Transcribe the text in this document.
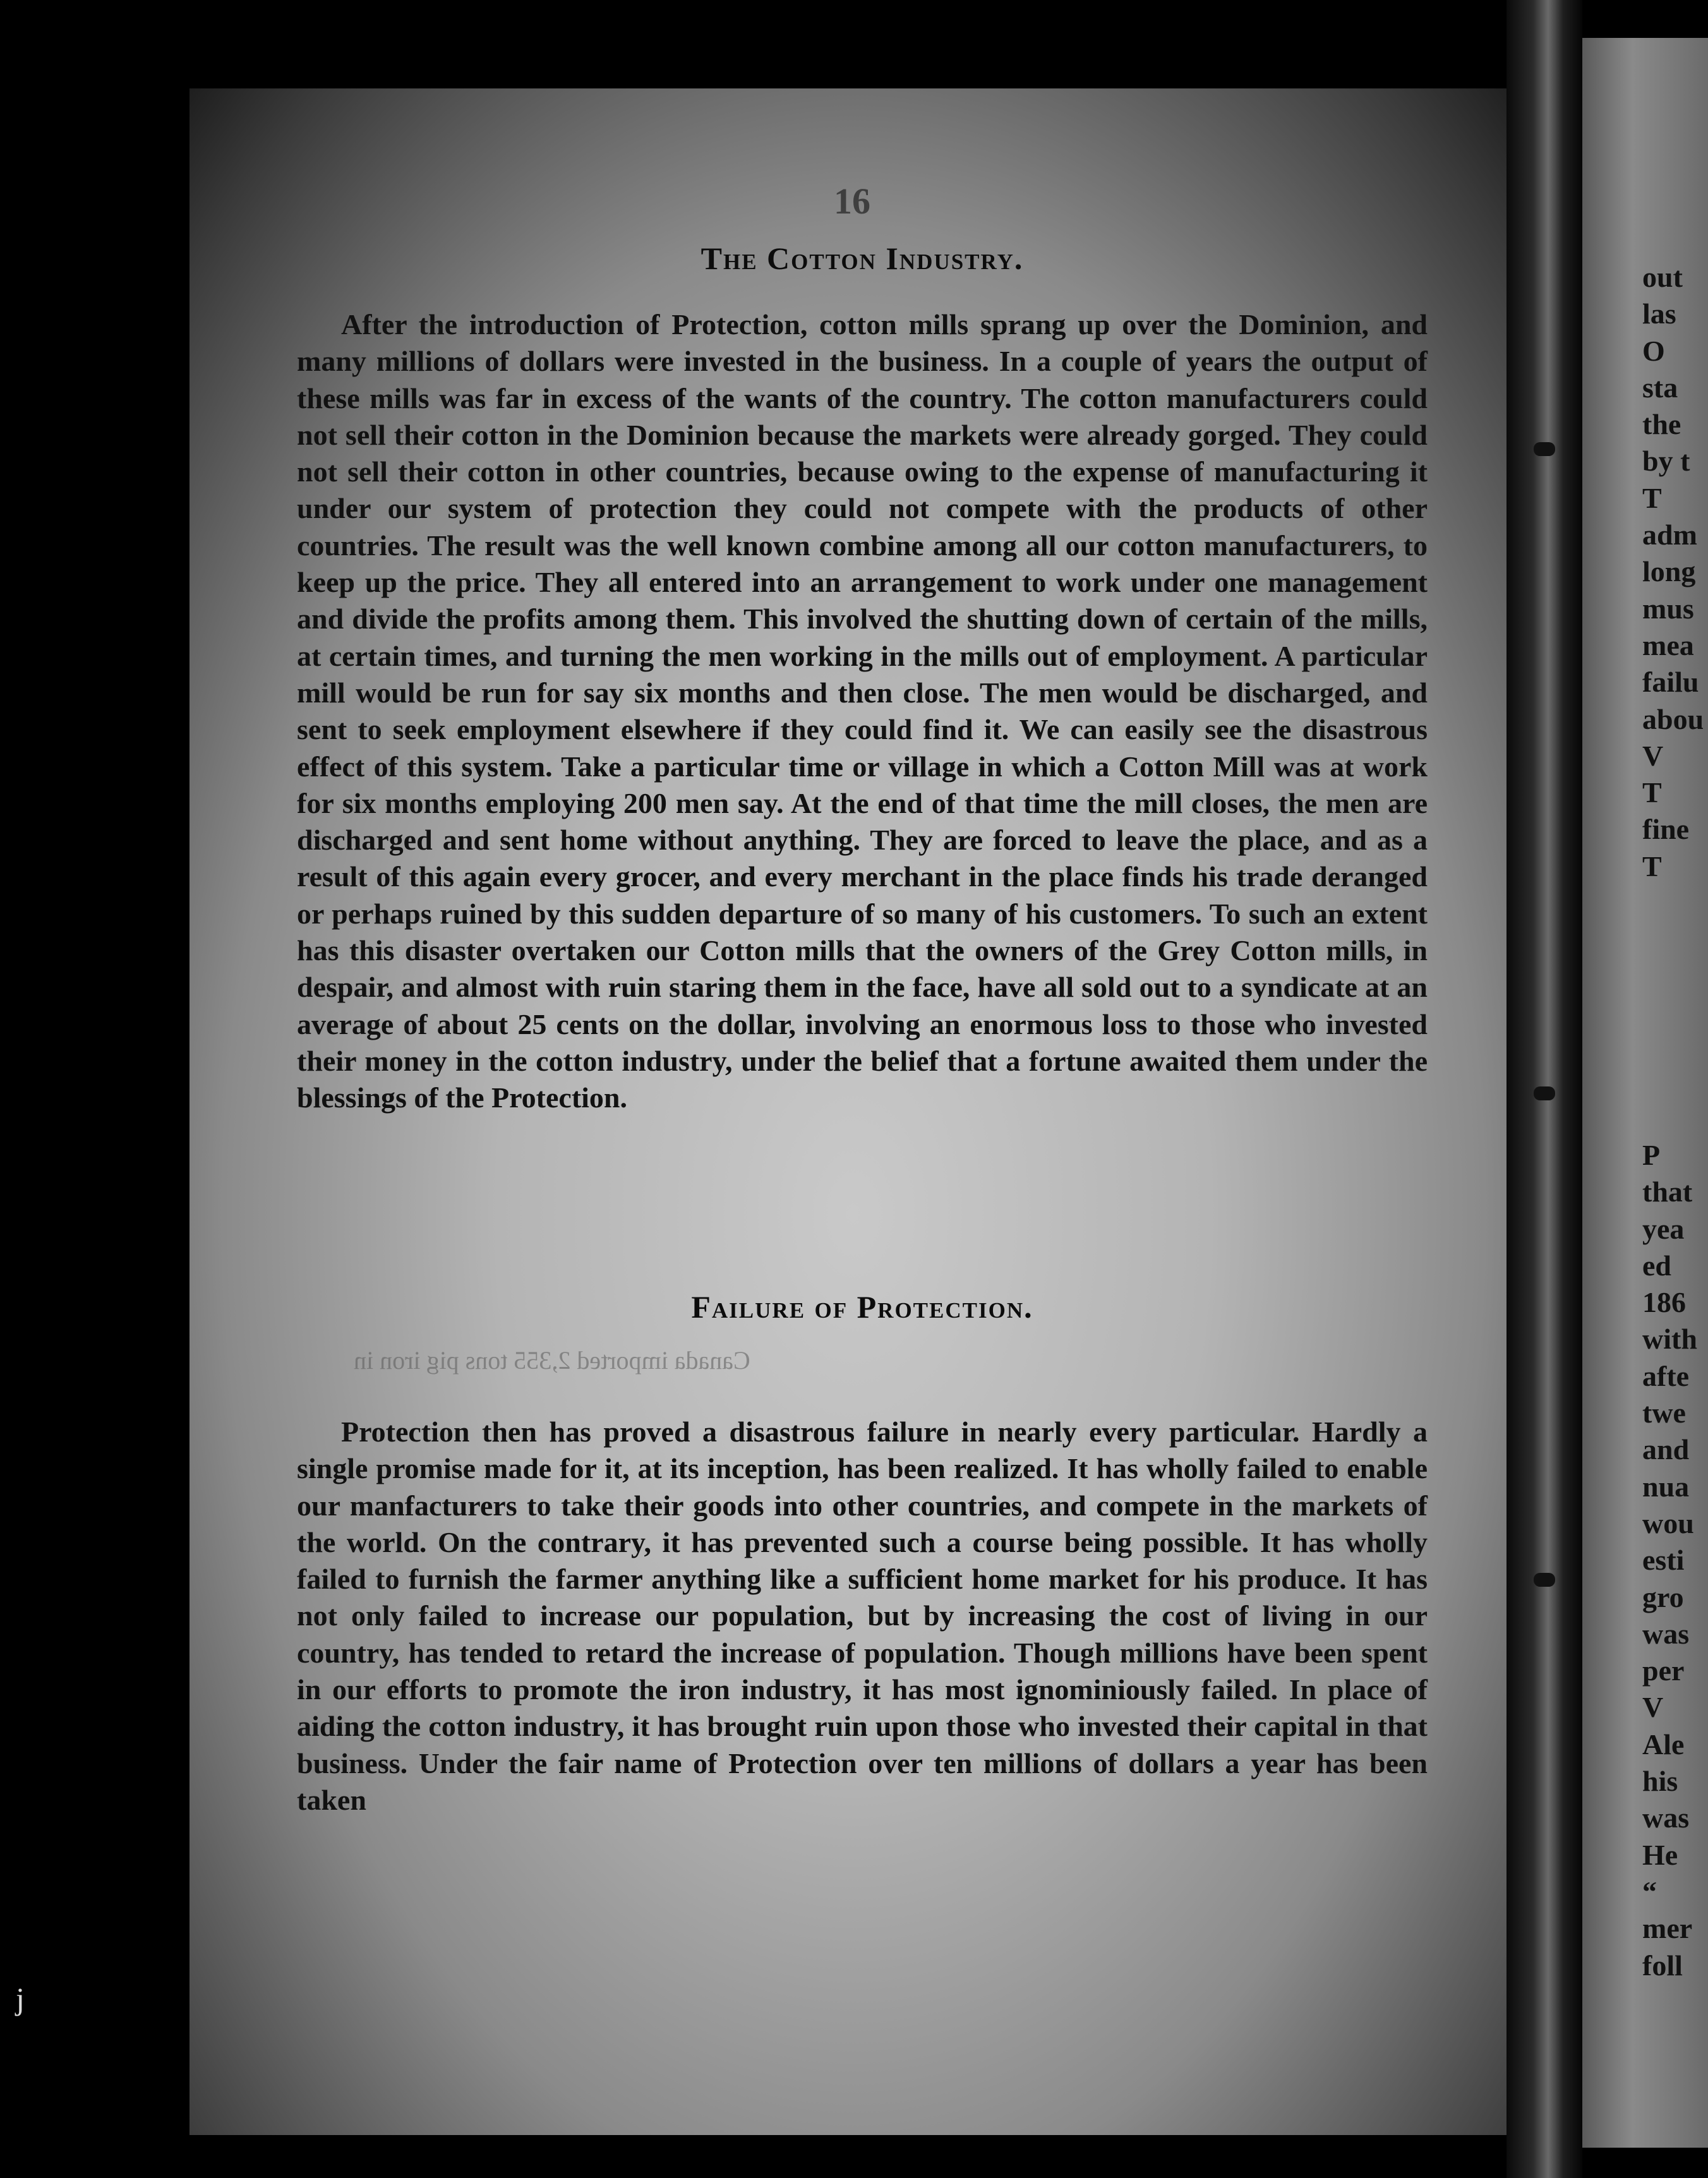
16
The Cotton Industry.

After the introduction of Protection, cotton mills sprang up over the Dominion, and many millions of dollars were invested in the business. In a couple of years the output of these mills was far in excess of the wants of the country. The cotton manufacturers could not sell their cotton in the Dominion because the markets were already gorged. They could not sell their cotton in other countries, because owing to the expense of manufacturing it under our system of protection they could not compete with the products of other countries. The result was the well known combine among all our cotton manufacturers, to keep up the price. They all entered into an arrangement to work under one management and divide the profits among them. This involved the shutting down of certain of the mills, at certain times, and turning the men working in the mills out of employment. A particular mill would be run for say six months and then close. The men would be discharged, and sent to seek employment elsewhere if they could find it. We can easily see the disastrous effect of this system. Take a particular time or village in which a Cotton Mill was at work for six months employing 200 men say. At the end of that time the mill closes, the men are discharged and sent home without anything. They are forced to leave the place, and as a result of this again every grocer, and every merchant in the place finds his trade deranged or perhaps ruined by this sudden departure of so many of his customers. To such an extent has this disaster overtaken our Cotton mills that the owners of the Grey Cotton mills, in despair, and almost with ruin staring them in the face, have all sold out to a syndicate at an average of about 25 cents on the dollar, involving an enormous loss to those who invested their money in the cotton industry, under the belief that a fortune awaited them under the blessings of the Protection.

Canada imported 2,355 tons pig iron in
Failure of Protection.

Protection then has proved a disastrous failure in nearly every particular. Hardly a single promise made for it, at its inception, has been realized. It has wholly failed to enable our manfacturers to take their goods into other countries, and compete in the markets of the world. On the contrary, it has prevented such a course being possible. It has wholly failed to furnish the farmer anything like a sufficient home market for his produce. It has not only failed to increase our population, but by increasing the cost of living in our country, has tended to retard the increase of population. Though millions have been spent in our efforts to promote the iron industry, it has most ignominiously failed. In place of aiding the cotton industry, it has brought ruin upon those who invested their capital in that business. Under the fair name of Protection over ten millions of dollars a year has been taken

out
las
O
sta
the
by t
T
adm
long
mus
mea
failu
abou
V
T
fine
T
P
that
yea
ed
186
with
afte
twe
and
nua
wou
esti
gro
was
per
V
Ale
his
was
He
“
mer
foll
j
